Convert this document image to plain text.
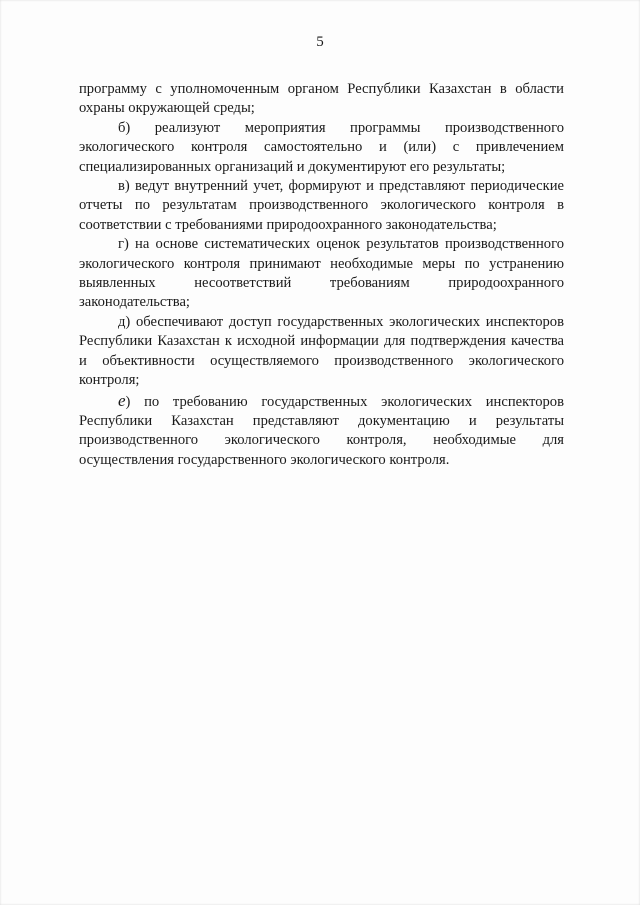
5

программу с уполномоченным органом Республики Казахстан в области охраны окружающей среды;

б) реализуют мероприятия программы производственного экологического контроля самостоятельно и (или) с привлечением специализированных организаций и документируют его результаты;

в) ведут внутренний учет, формируют и представляют периодические отчеты по результатам производственного экологического контроля в соответствии с требованиями природоохранного законодательства;

г) на основе систематических оценок результатов производственного экологического контроля принимают необходимые меры по устранению выявленных несоответствий требованиям природоохранного законодательства;

д) обеспечивают доступ государственных экологических инспекторов Республики Казахстан к исходной информации для подтверждения качества и объективности осуществляемого производственного экологического контроля;

е) по требованию государственных экологических инспекторов Республики Казахстан представляют документацию и результаты производственного экологического контроля, необходимые для осуществления государственного экологического контроля.
